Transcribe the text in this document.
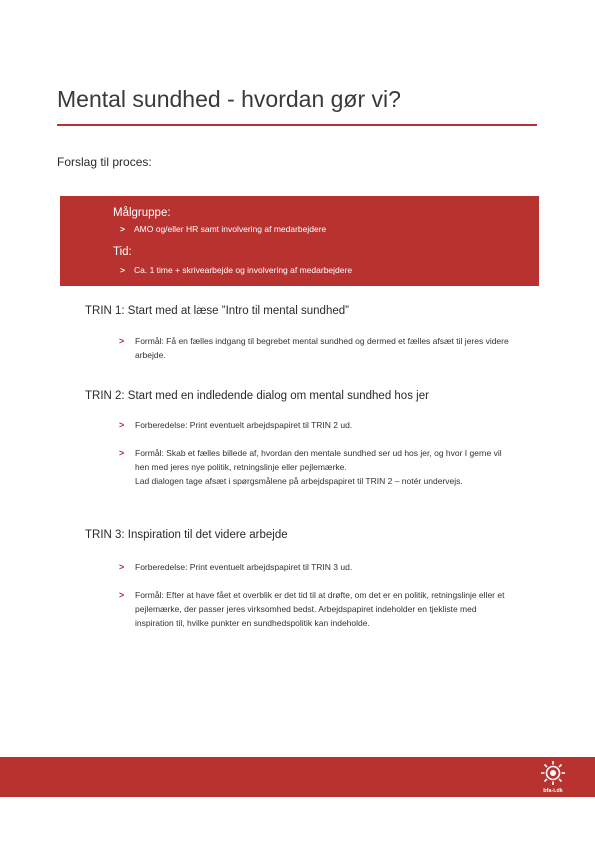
Mental sundhed - hvordan gør vi?
Forslag til proces:
Målgruppe:
> AMO og/eller HR samt involvering af medarbejdere
Tid:
> Ca. 1 time + skrivearbejde og involvering af medarbejdere
TRIN 1: Start med at læse ”Intro til mental sundhed”
> Formål: Få en fælles indgang til begrebet mental sundhed og dermed et fælles afsæt til jeres videre arbejde.
TRIN 2: Start med en indledende dialog om mental sundhed hos jer
> Forberedelse: Print eventuelt arbejdspapiret til TRIN 2 ud.
> Formål: Skab et fælles billede af, hvordan den mentale sundhed ser ud hos jer, og hvor I gerne vil hen med jeres nye politik, retningslinje eller pejlemærke.
Lad dialogen tage afsæt i spørgsmålene på arbejdspapiret til TRIN 2 – notér undervejs.
TRIN 3: Inspiration til det videre arbejde
> Forberedelse: Print eventuelt arbejdspapiret til TRIN 3 ud.
> Formål: Efter at have fået et overblik er det tid til at drøfte, om det er en politik, retningslinje eller et pejlemærke, der passer jeres virksomhed bedst. Arbejdspapiret indeholder en tjekliste med inspiration til, hvilke punkter en sundhedspolitik kan indeholde.
bfa-i.dk
